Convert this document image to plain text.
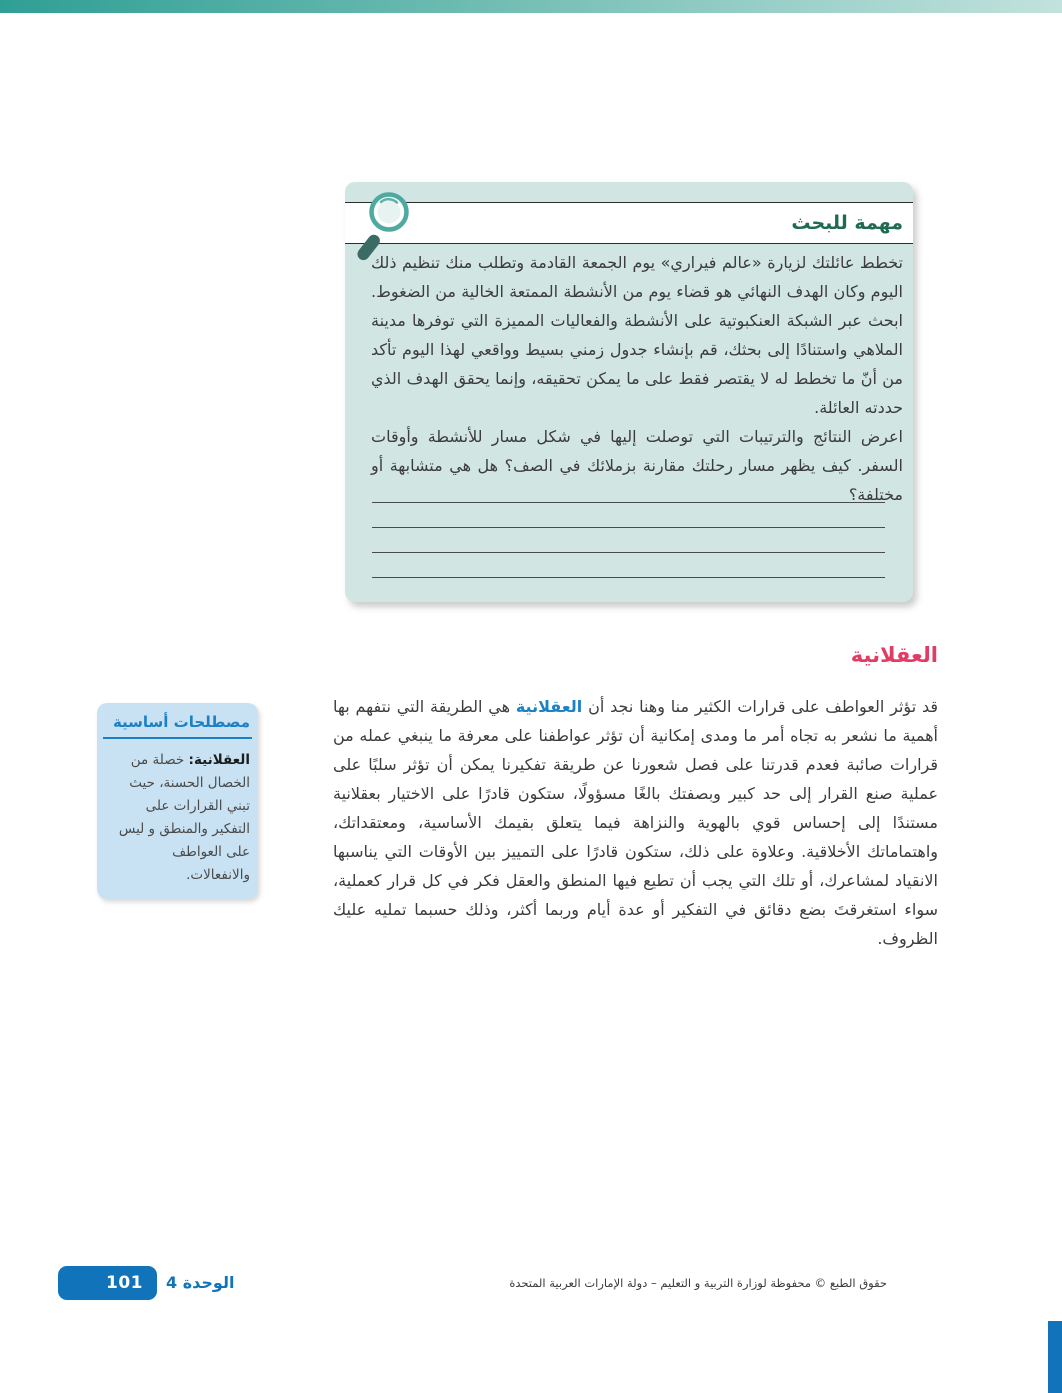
مهمة للبحث
تخطط عائلتك لزيارة «عالم فيراري» يوم الجمعة القادمة وتطلب منك تنظيم ذلك اليوم وكان الهدف النهائي هو قضاء يوم من الأنشطة الممتعة الخالية من الضغوط. ابحث عبر الشبكة العنكبوتية على الأنشطة والفعاليات المميزة التي توفرها مدينة الملاهي واستنادًا إلى بحثك، قم بإنشاء جدول زمني بسيط وواقعي لهذا اليوم تأكد من أنّ ما تخطط له لا يقتصر فقط على ما يمكن تحقيقه، وإنما يحقق الهدف الذي حددته العائلة.
اعرض النتائج والترتيبات التي توصلت إليها في شكل مسار للأنشطة وأوقات السفر. كيف يظهر مسار رحلتك مقارنة بزملائك في الصف؟ هل هي متشابهة أو مختلفة؟
العقلانية
قد تؤثر العواطف على قرارات الكثير منا وهنا نجد أن العقلانية هي الطريقة التي نتفهم بها أهمية ما نشعر به تجاه أمر ما ومدى إمكانية أن تؤثر عواطفنا على معرفة ما ينبغي عمله من قرارات صائبة فعدم قدرتنا على فصل شعورنا عن طريقة تفكيرنا يمكن أن تؤثر سلبًا على عملية صنع القرار إلى حد كبير وبصفتك بالغًا مسؤولًا، ستكون قادرًا على الاختيار بعقلانية مستندًا إلى إحساس قوي بالهوية والنزاهة فيما يتعلق بقيمك الأساسية، ومعتقداتك، واهتماماتك الأخلاقية. وعلاوة على ذلك، ستكون قادرًا على التمييز بين الأوقات التي يناسبها الانقياد لمشاعرك، أو تلك التي يجب أن تطيع فيها المنطق والعقل فكر في كل قرار كعملية، سواء استغرقتَ بضع دقائق في التفكير أو عدة أيام وربما أكثر، وذلك حسبما تمليه عليك الظروف.
مصطلحات أساسية
العقلانية: خصلة من الخصال الحسنة، حيث تبني القرارات على التفكير والمنطق و ليس على العواطف والانفعالات.
101	الوحدة 4	حقوق الطبع © محفوظة لوزارة التربية و التعليم – دولة الإمارات العربية المتحدة
